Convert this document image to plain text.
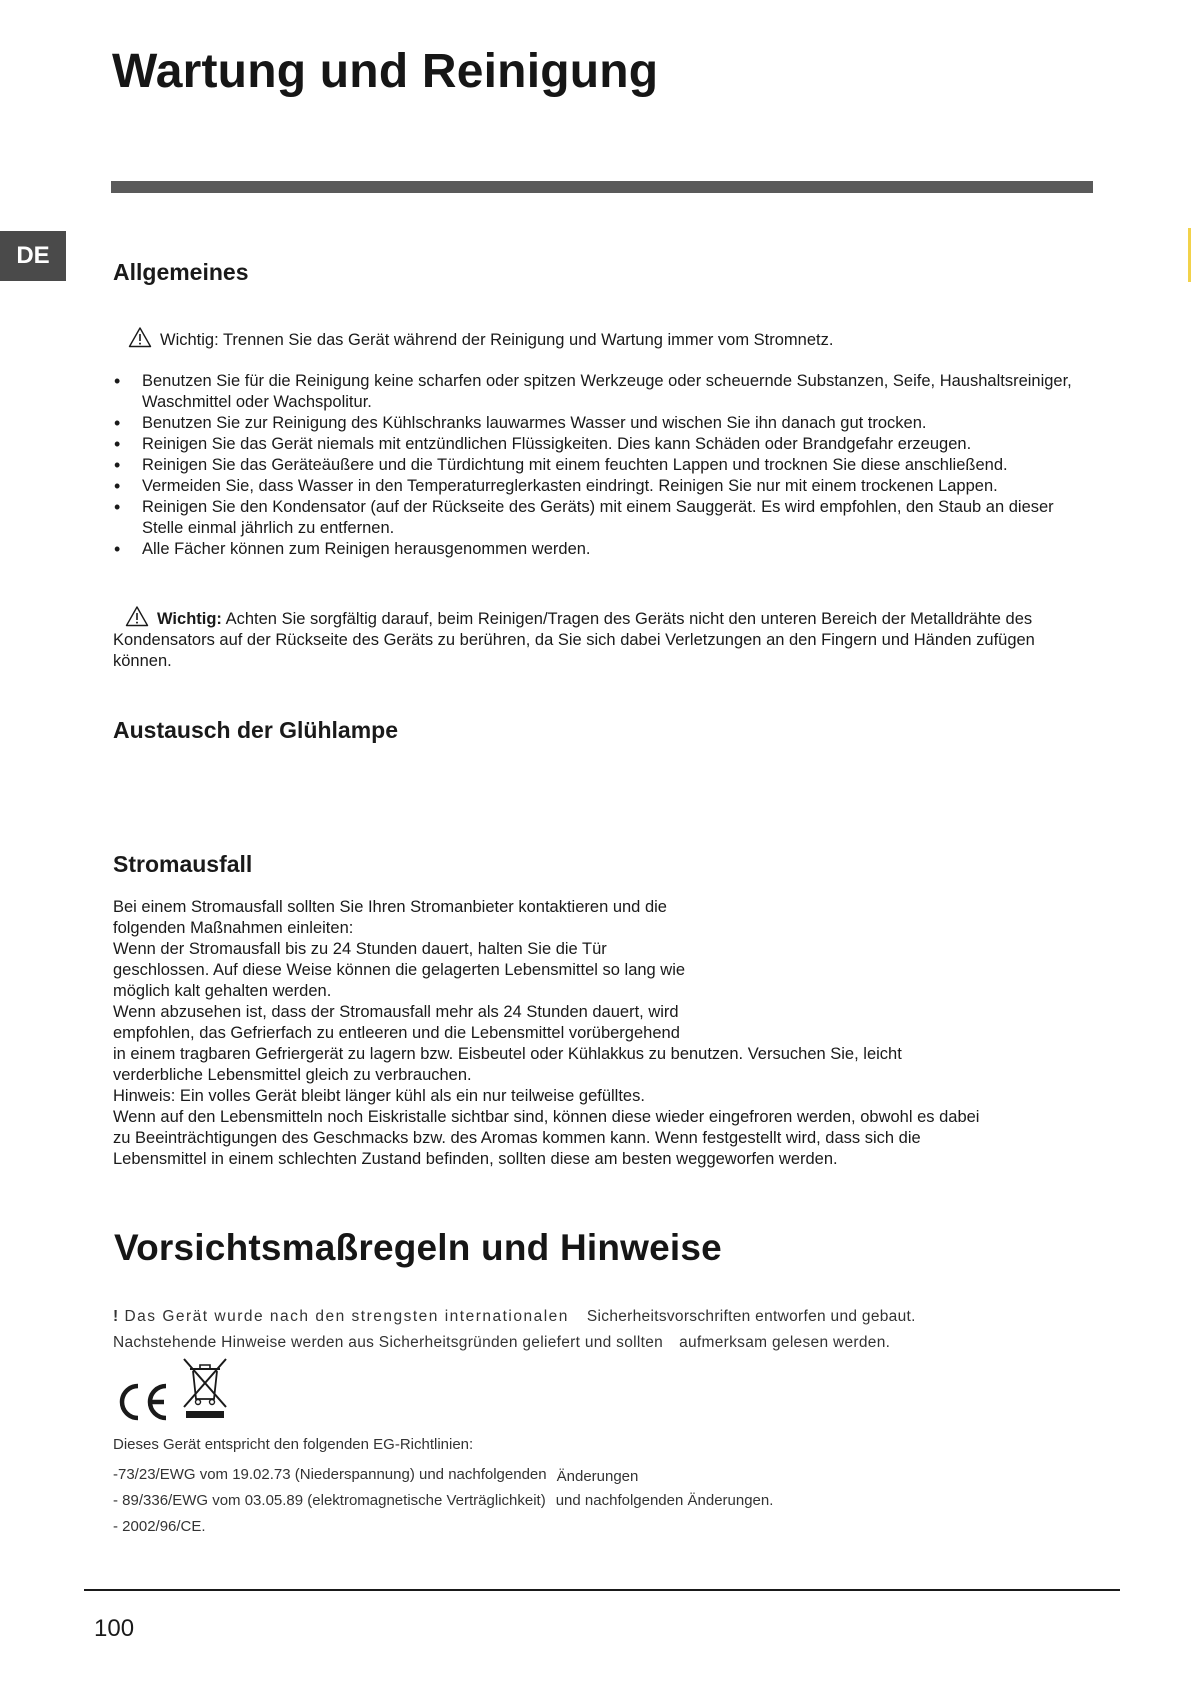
Wartung und Reinigung
DE
Allgemeines
Wichtig: Trennen Sie das Gerät während der Reinigung und Wartung immer vom Stromnetz.
• Benutzen Sie für die Reinigung keine scharfen oder spitzen Werkzeuge oder scheuernde Substanzen, Seife, Haushaltsreiniger, Waschmittel oder Wachspolitur.
• Benutzen Sie zur Reinigung des Kühlschranks lauwarmes Wasser und wischen Sie ihn danach gut trocken.
• Reinigen Sie das Gerät niemals mit entzündlichen Flüssigkeiten. Dies kann Schäden oder Brandgefahr erzeugen.
• Reinigen Sie das Geräteäußere und die Türdichtung mit einem feuchten Lappen und trocknen Sie diese anschließend.
• Vermeiden Sie, dass Wasser in den Temperaturreglerkasten eindringt. Reinigen Sie nur mit einem trockenen Lappen.
• Reinigen Sie den Kondensator (auf der Rückseite des Geräts) mit einem Sauggerät. Es wird empfohlen, den Staub an dieser Stelle einmal jährlich zu entfernen.
• Alle Fächer können zum Reinigen herausgenommen werden.
Wichtig: Achten Sie sorgfältig darauf, beim Reinigen/Tragen des Geräts nicht den unteren Bereich der Metalldrähte des Kondensators auf der Rückseite des Geräts zu berühren, da Sie sich dabei Verletzungen an den Fingern und Händen zufügen können.
Austausch der Glühlampe
Stromausfall
Bei einem Stromausfall sollten Sie Ihren Stromanbieter kontaktieren und die
folgenden Maßnahmen einleiten:
Wenn der Stromausfall bis zu 24 Stunden dauert, halten Sie die Tür
geschlossen. Auf diese Weise können die gelagerten Lebensmittel so lang wie
möglich kalt gehalten werden.
Wenn abzusehen ist, dass der Stromausfall mehr als 24 Stunden dauert, wird
empfohlen, das Gefrierfach zu entleeren und die Lebensmittel vorübergehend
in einem tragbaren Gefriergerät zu lagern bzw. Eisbeutel oder Kühlakkus zu benutzen. Versuchen Sie, leicht
verderbliche Lebensmittel gleich zu verbrauchen.
Hinweis: Ein volles Gerät bleibt länger kühl als ein nur teilweise gefülltes.
Wenn auf den Lebensmitteln noch Eiskristalle sichtbar sind, können diese wieder eingefroren werden, obwohl es dabei
zu Beeinträchtigungen des Geschmacks bzw. des Aromas kommen kann. Wenn festgestellt wird, dass sich die
Lebensmittel in einem schlechten Zustand befinden, sollten diese am besten weggeworfen werden.
Vorsichtsmaßregeln und Hinweise
! Das Gerät wurde nach den strengsten internationalen Sicherheitsvorschriften entworfen und gebaut.
Nachstehende Hinweise werden aus Sicherheitsgründen geliefert und sollten aufmerksam gelesen werden.
Dieses Gerät entspricht den folgenden EG-Richtlinien:
-73/23/EWG vom 19.02.73 (Niederspannung) und nachfolgenden Änderungen
- 89/336/EWG vom 03.05.89 (elektromagnetische Verträglichkeit) und nachfolgenden Änderungen.
- 2002/96/CE.
100
